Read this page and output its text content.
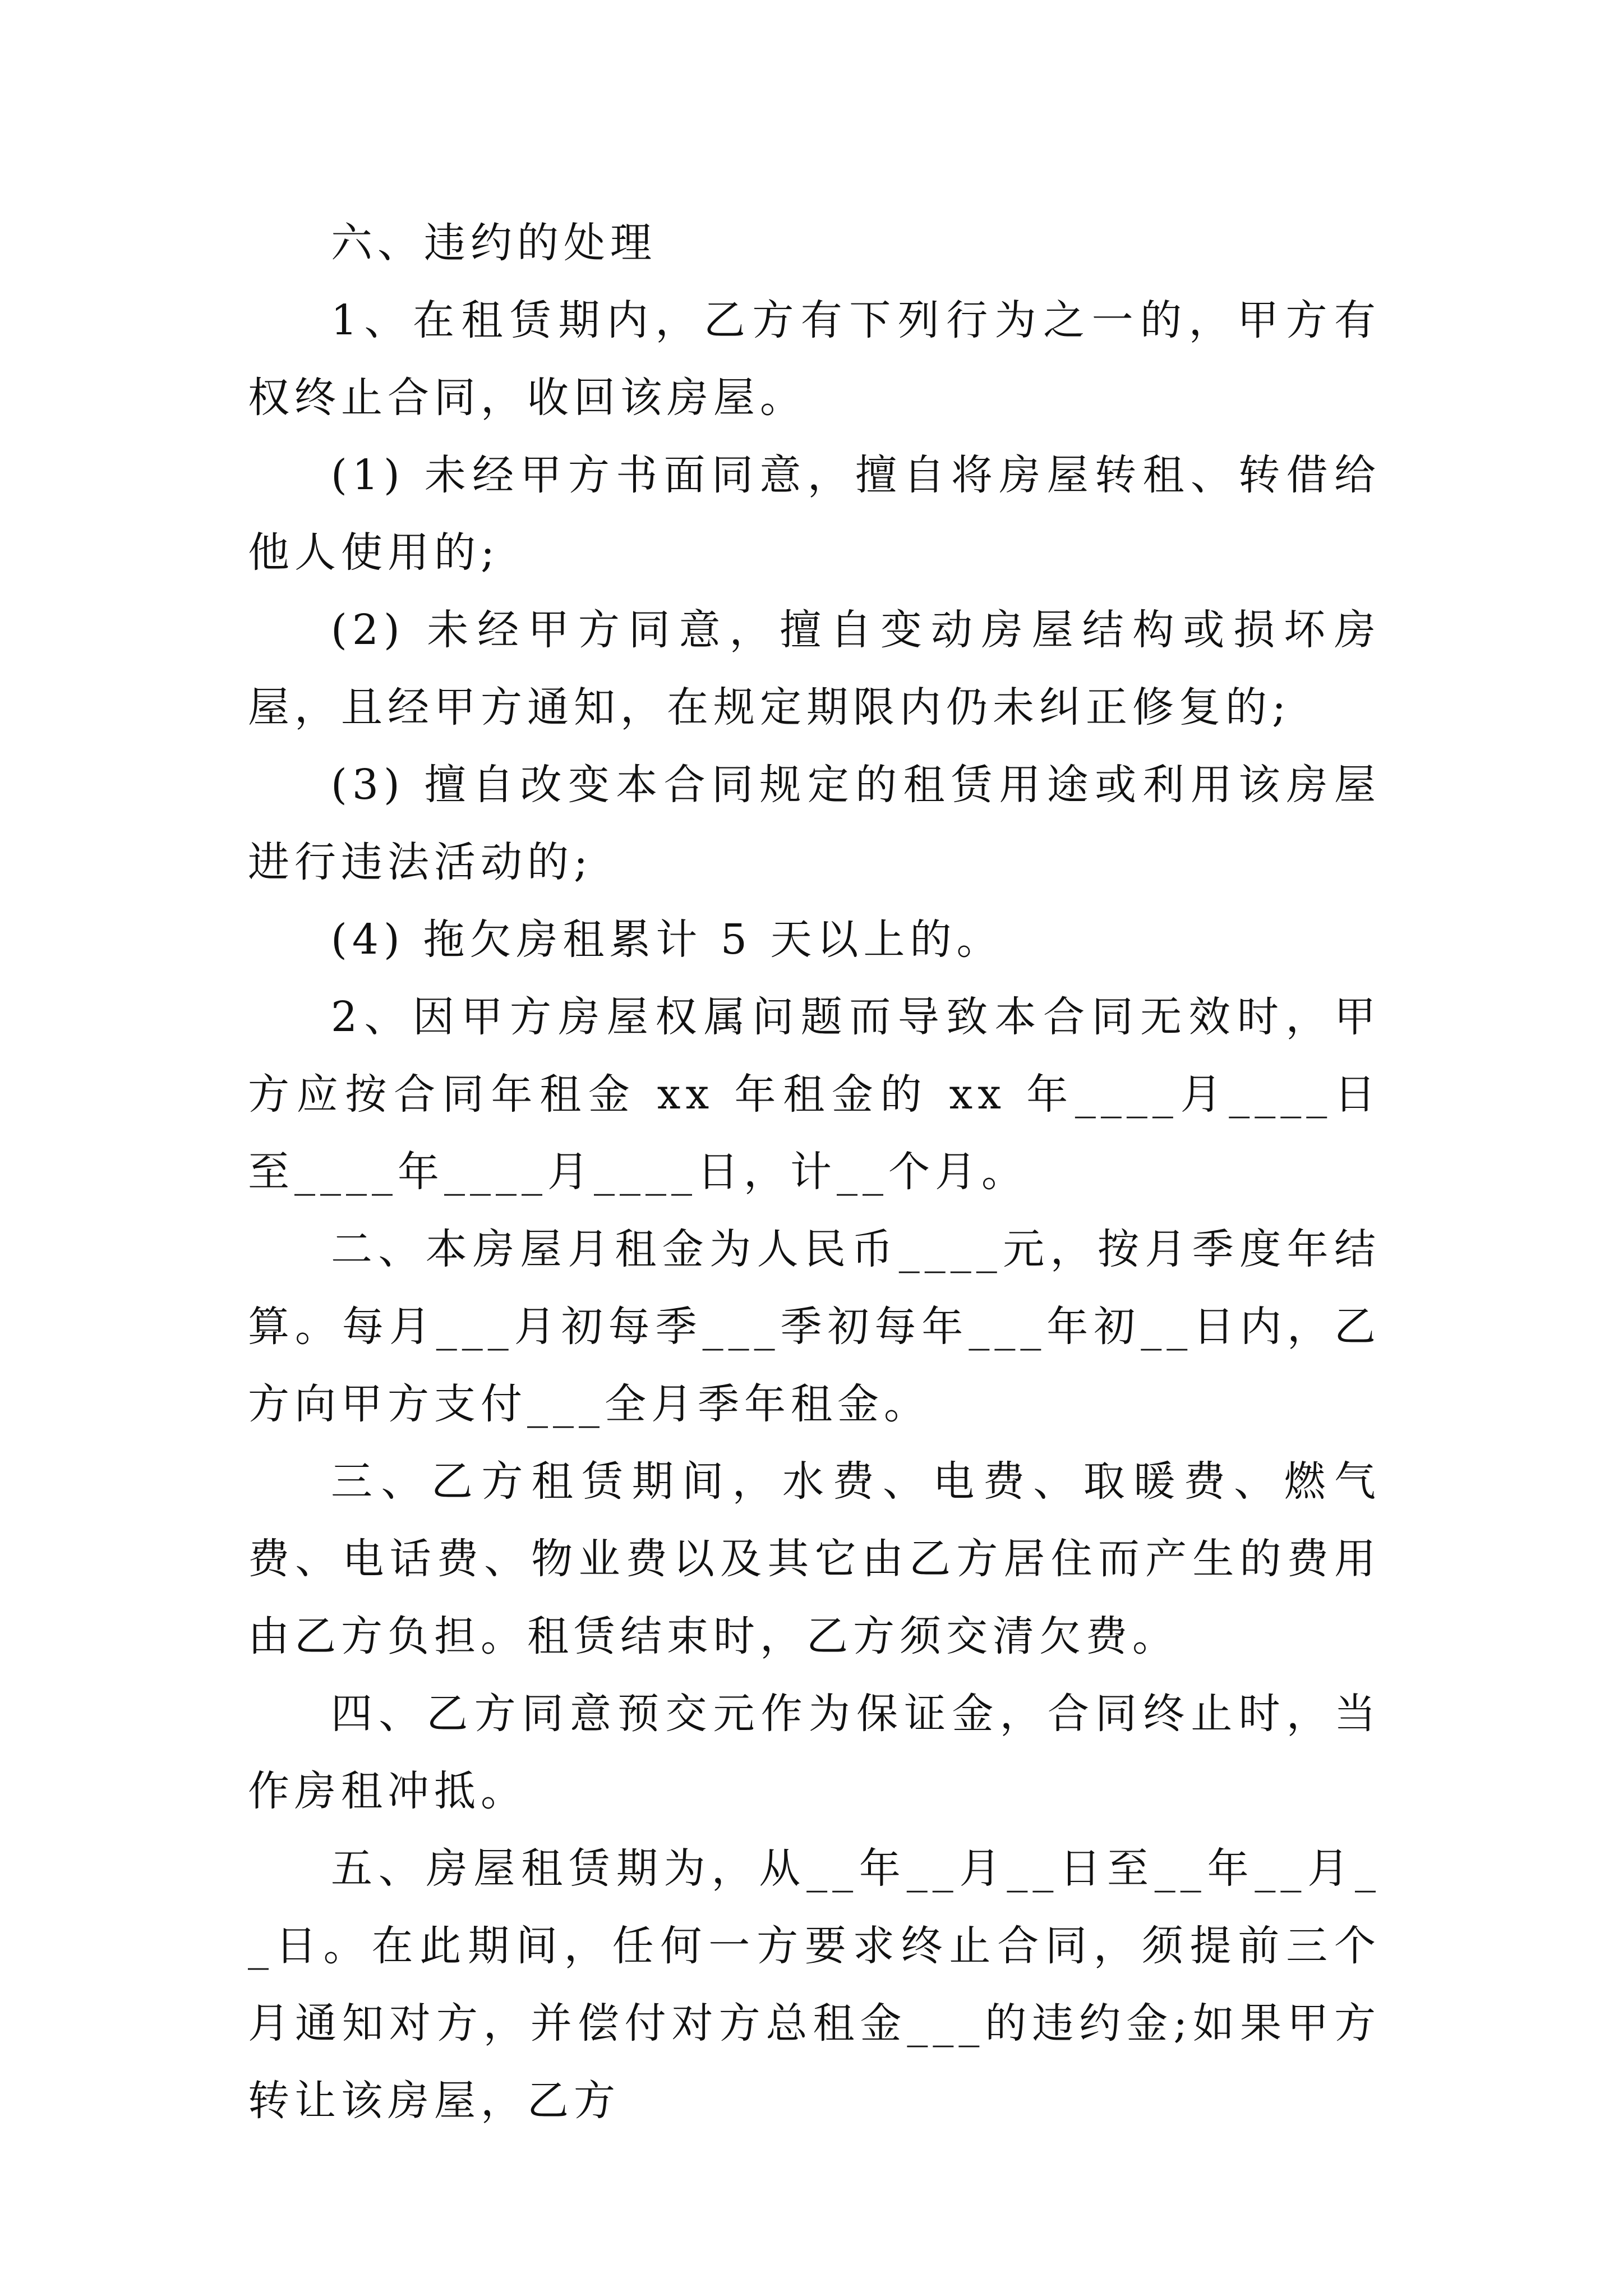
六、违约的处理

1、在租赁期内，乙方有下列行为之一的，甲方有权终止合同，收回该房屋。

(1) 未经甲方书面同意，擅自将房屋转租、转借给他人使用的;

(2) 未经甲方同意，擅自变动房屋结构或损坏房屋，且经甲方通知，在规定期限内仍未纠正修复的;

(3) 擅自改变本合同规定的租赁用途或利用该房屋进行违法活动的;

(4) 拖欠房租累计 5 天以上的。

2、因甲方房屋权属问题而导致本合同无效时，甲方应按合同年租金 xx 年租金的 xx 年____月____日至____年____月____日，计__个月。

二、本房屋月租金为人民币____元，按月季度年结算。每月___月初每季___季初每年___年初__日内，乙方向甲方支付___全月季年租金。

三、乙方租赁期间，水费、电费、取暖费、燃气费、电话费、物业费以及其它由乙方居住而产生的费用由乙方负担。租赁结束时，乙方须交清欠费。

四、乙方同意预交元作为保证金，合同终止时，当作房租冲抵。

五、房屋租赁期为，从__年__月__日至__年__月__日。在此期间，任何一方要求终止合同，须提前三个月通知对方，并偿付对方总租金___的违约金;如果甲方转让该房屋，乙方
